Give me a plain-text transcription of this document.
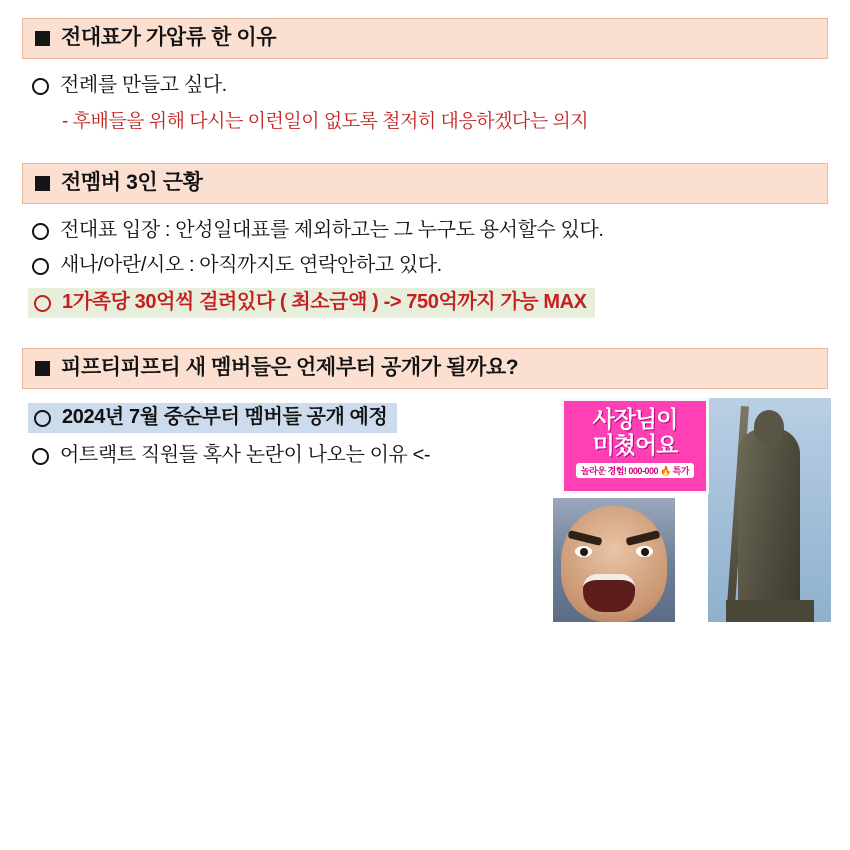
전대표가 가압류 한 이유
전례를 만들고 싶다.
- 후배들을 위해 다시는 이런일이 없도록 철저히 대응하겠다는 의지
전멤버 3인 근황
전대표 입장 : 안성일대표를 제외하고는 그 누구도 용서할수 있다.
새나/아란/시오 : 아직까지도 연락안하고 있다.
1가족당 30억씩 걸려있다 ( 최소금액 ) -> 750억까지 가능 MAX
피프티피프티 새 멤버들은 언제부터 공개가 될까요?
2024년 7월 중순부터 멤버들 공개 예정
어트랙트 직원들 혹사 논란이 나오는 이유 <-
사장님이
미쳤어요
놀라운 경험! 000-000 🔥 특가
